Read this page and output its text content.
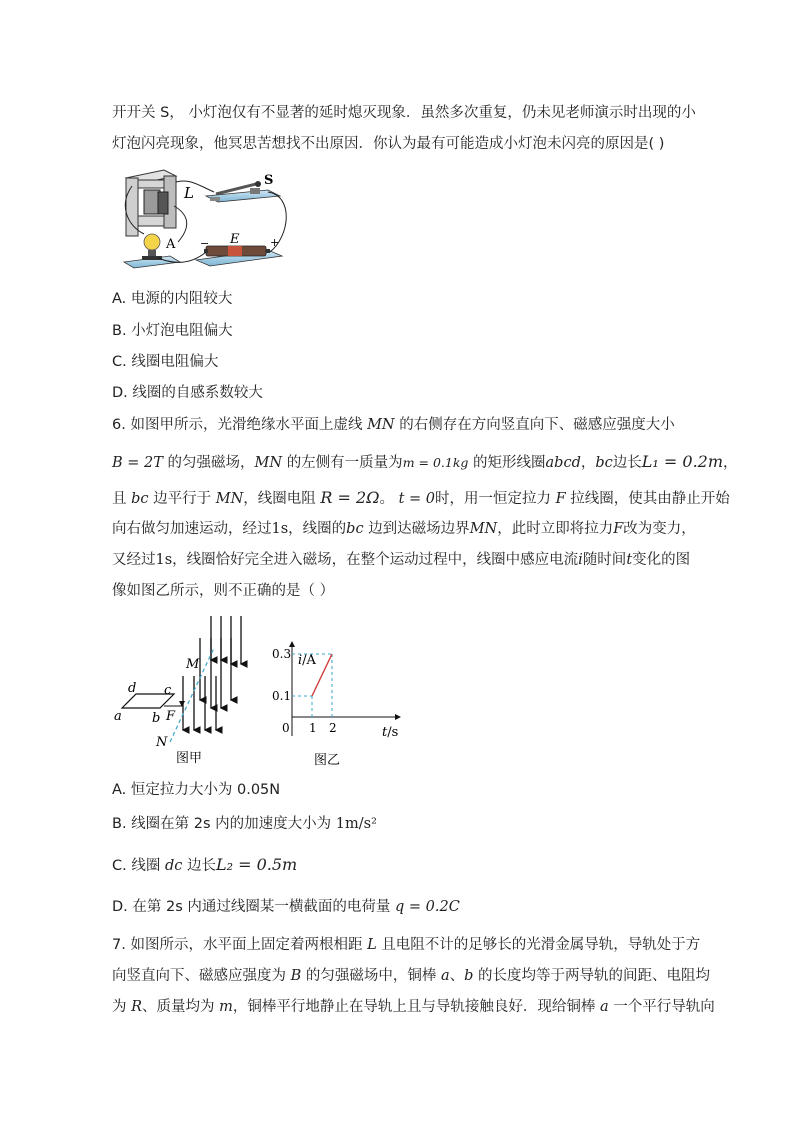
开开关 S， 小灯泡仅有不显著的延时熄灭现象．虽然多次重复，仍未见老师演示时出现的小
灯泡闪亮现象，他冥思苦想找不出原因．你认为最有可能造成小灯泡未闪亮的原因是( )
L
S
A	E
−	+
A. 电源的内阻较大
B. 小灯泡电阻偏大
C. 线圈电阻偏大
D. 线圈的自感系数较大
6. 如图甲所示，光滑绝缘水平面上虚线 MN 的右侧存在方向竖直向下、磁感应强度大小
B = 2T 的匀强磁场，MN 的左侧有一质量为m = 0.1kg 的矩形线圈abcd，bc边长L₁ = 0.2m，
且 bc 边平行于 MN，线圈电阻 R = 2Ω。 t = 0时，用一恒定拉力 F 拉线圈，使其由静止开始
向右做匀加速运动，经过1s，线圈的bc 边到达磁场边界MN，此时立即将拉力F改为变力，
又经过1s，线圈恰好完全进入磁场，在整个运动过程中，线圈中感应电流i随时间t变化的图
像如图乙所示，则不正确的是（ ）
M
N
a
d c
b F
图甲
i/A
t/s
0
0.3
0.1
1 2
图乙
A. 恒定拉力大小为 0.05N
B. 线圈在第 2s 内的加速度大小为 1m/s²
C. 线圈 dc 边长L₂ = 0.5m
D. 在第 2s 内通过线圈某一横截面的电荷量 q = 0.2C
7. 如图所示，水平面上固定着两根相距 L 且电阻不计的足够长的光滑金属导轨，导轨处于方
向竖直向下、磁感应强度为 B 的匀强磁场中，铜棒 a、b 的长度均等于两导轨的间距、电阻均
为 R、质量均为 m，铜棒平行地静止在导轨上且与导轨接触良好．现给铜棒 a 一个平行导轨向
